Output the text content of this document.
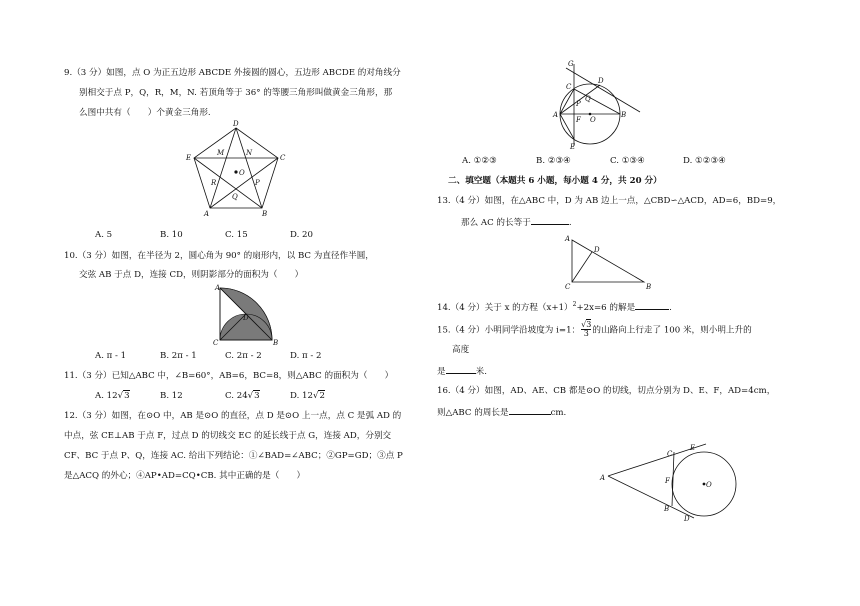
9.（3 分）如图，点 O 为正五边形 ABCDE 外接圆的圆心，五边形 ABCDE 的对角线分
别相交于点 P，Q，R，M，N. 若顶角等于 36° 的等腰三角形叫做黄金三角形，那
么图中共有（　　）个黄金三角形.
D
E	C
M	N
O
R	P
Q
A	B
A. 5	B. 10	C. 15	D. 20
10.（3 分）如图，在半径为 2，圆心角为 90° 的扇形内，以 BC 为直径作半圆，
交弦 AB 于点 D，连接 CD，则阴影部分的面积为（　　）
A
D
C	B
A. π - 1	B. 2π - 1	C. 2π - 2	D. π - 2
11.（3 分）已知△ABC 中，∠B=60°，AB=6，BC=8，则△ABC 的面积为（　　）
A. 12√3	B. 12	C. 24√3	D. 12√2
12.（3 分）如图，在⊙O 中，AB 是⊙O 的直径，点 D 是⊙O 上一点，点 C 是弧 AD 的
中点，弦 CE⊥AB 于点 F，过点 D 的切线交 EC 的延长线于点 G，连接 AD，分别交
CF、BC 于点 P、Q，连接 AC. 给出下列结论：①∠BAD=∠ABC；②GP=GD；③点 P
是△ACQ 的外心；④AP•AD=CQ•CB. 其中正确的是（　　）
G
D
C
Q
P
A
F O
B
E
A. ①②③	B. ②③④	C. ①③④	D. ①②③④
二、填空题（本题共 6 小题，每小题 4 分，共 20 分）
13.（4 分）如图，在△ABC 中，D 为 AB 边上一点，△CBD∽△ACD，AD=6，BD=9，
那么 AC 的长等于	.
A
D
C	B
14.（4 分）关于 x 的方程$(x+1)^2+2x=6$ 的解是	.
15.（4 分）小明同学沿坡度为 i=1： $\frac{√3}{3}$ 的山路向上行走了 100 米，则小明上升的
高度
是	米.
16.（4 分）如图，AD、AE、CB 都是⊙O 的切线，切点分别为 D、E、F，AD=4cm，
则△ABC 的周长是	cm.
E
C
A	F	O
B
D
